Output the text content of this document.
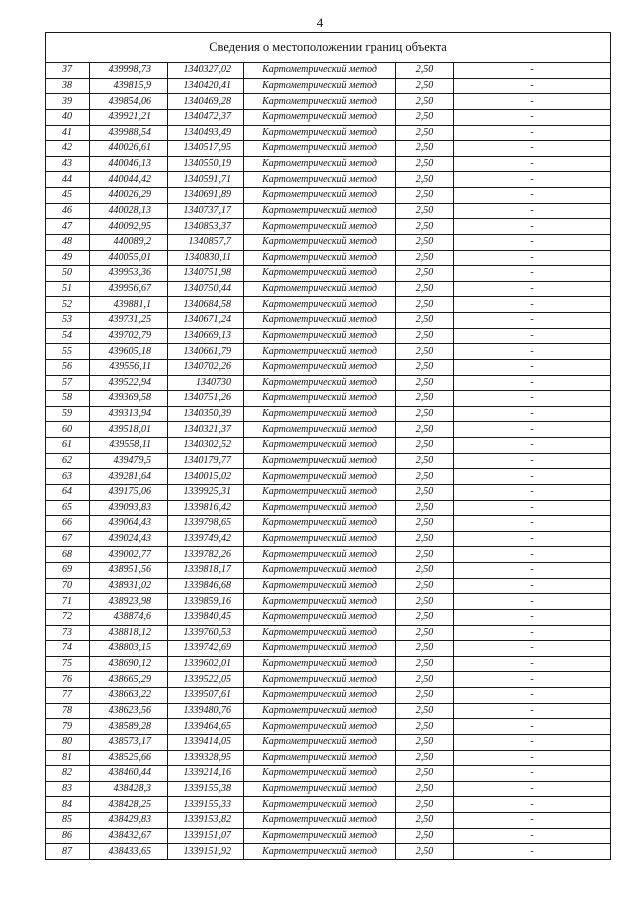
4
Сведения о местоположении границ объекта					
37	439998,73	1340327,02	Картометрический метод	2,50	-
38	439815,9	1340420,41	Картометрический метод	2,50	-
39	439854,06	1340469,28	Картометрический метод	2,50	-
40	439921,21	1340472,37	Картометрический метод	2,50	-
41	439988,54	1340493,49	Картометрический метод	2,50	-
42	440026,61	1340517,95	Картометрический метод	2,50	-
43	440046,13	1340550,19	Картометрический метод	2,50	-
44	440044,42	1340591,71	Картометрический метод	2,50	-
45	440026,29	1340691,89	Картометрический метод	2,50	-
46	440028,13	1340737,17	Картометрический метод	2,50	-
47	440092,95	1340853,37	Картометрический метод	2,50	-
48	440089,2	1340857,7	Картометрический метод	2,50	-
49	440055,01	1340830,11	Картометрический метод	2,50	-
50	439953,36	1340751,98	Картометрический метод	2,50	-
51	439956,67	1340750,44	Картометрический метод	2,50	-
52	439881,1	1340684,58	Картометрический метод	2,50	-
53	439731,25	1340671,24	Картометрический метод	2,50	-
54	439702,79	1340669,13	Картометрический метод	2,50	-
55	439605,18	1340661,79	Картометрический метод	2,50	-
56	439556,11	1340702,26	Картометрический метод	2,50	-
57	439522,94	1340730	Картометрический метод	2,50	-
58	439369,58	1340751,26	Картометрический метод	2,50	-
59	439313,94	1340350,39	Картометрический метод	2,50	-
60	439518,01	1340321,37	Картометрический метод	2,50	-
61	439558,11	1340302,52	Картометрический метод	2,50	-
62	439479,5	1340179,77	Картометрический метод	2,50	-
63	439281,64	1340015,02	Картометрический метод	2,50	-
64	439175,06	1339925,31	Картометрический метод	2,50	-
65	439093,83	1339816,42	Картометрический метод	2,50	-
66	439064,43	1339798,65	Картометрический метод	2,50	-
67	439024,43	1339749,42	Картометрический метод	2,50	-
68	439002,77	1339782,26	Картометрический метод	2,50	-
69	438951,56	1339818,17	Картометрический метод	2,50	-
70	438931,02	1339846,68	Картометрический метод	2,50	-
71	438923,98	1339859,16	Картометрический метод	2,50	-
72	438874,6	1339840,45	Картометрический метод	2,50	-
73	438818,12	1339760,53	Картометрический метод	2,50	-
74	438803,15	1339742,69	Картометрический метод	2,50	-
75	438690,12	1339602,01	Картометрический метод	2,50	-
76	438665,29	1339522,05	Картометрический метод	2,50	-
77	438663,22	1339507,61	Картометрический метод	2,50	-
78	438623,56	1339480,76	Картометрический метод	2,50	-
79	438589,28	1339464,65	Картометрический метод	2,50	-
80	438573,17	1339414,05	Картометрический метод	2,50	-
81	438525,66	1339328,95	Картометрический метод	2,50	-
82	438460,44	1339214,16	Картометрический метод	2,50	-
83	438428,3	1339155,38	Картометрический метод	2,50	-
84	438428,25	1339155,33	Картометрический метод	2,50	-
85	438429,83	1339153,82	Картометрический метод	2,50	-
86	438432,67	1339151,07	Картометрический метод	2,50	-
87	438433,65	1339151,92	Картометрический метод	2,50	-
